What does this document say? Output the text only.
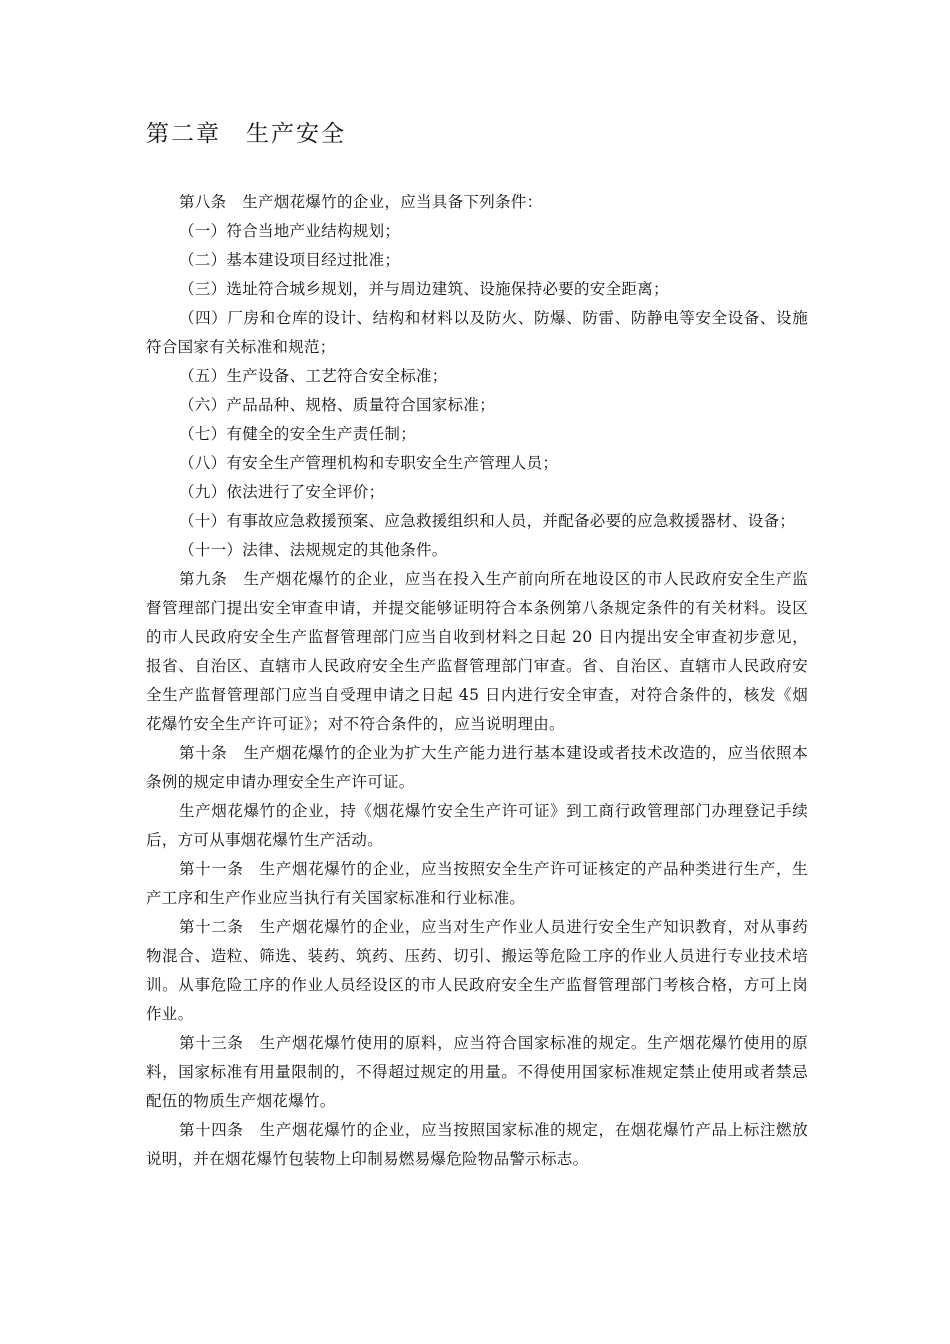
第二章　生产安全

第八条　生产烟花爆竹的企业，应当具备下列条件：

（一）符合当地产业结构规划；

（二）基本建设项目经过批准；

（三）选址符合城乡规划，并与周边建筑、设施保持必要的安全距离；

（四）厂房和仓库的设计、结构和材料以及防火、防爆、防雷、防静电等安全设备、设施符合国家有关标准和规范；

（五）生产设备、工艺符合安全标准；

（六）产品品种、规格、质量符合国家标准；

（七）有健全的安全生产责任制；

（八）有安全生产管理机构和专职安全生产管理人员；

（九）依法进行了安全评价；

（十）有事故应急救援预案、应急救援组织和人员，并配备必要的应急救援器材、设备；

（十一）法律、法规规定的其他条件。

第九条　生产烟花爆竹的企业，应当在投入生产前向所在地设区的市人民政府安全生产监督管理部门提出安全审查申请，并提交能够证明符合本条例第八条规定条件的有关材料。设区的市人民政府安全生产监督管理部门应当自收到材料之日起 20 日内提出安全审查初步意见，报省、自治区、直辖市人民政府安全生产监督管理部门审查。省、自治区、直辖市人民政府安全生产监督管理部门应当自受理申请之日起 45 日内进行安全审查，对符合条件的，核发《烟花爆竹安全生产许可证》；对不符合条件的，应当说明理由。

第十条　生产烟花爆竹的企业为扩大生产能力进行基本建设或者技术改造的，应当依照本条例的规定申请办理安全生产许可证。

生产烟花爆竹的企业，持《烟花爆竹安全生产许可证》到工商行政管理部门办理登记手续后，方可从事烟花爆竹生产活动。

第十一条　生产烟花爆竹的企业，应当按照安全生产许可证核定的产品种类进行生产，生产工序和生产作业应当执行有关国家标准和行业标准。

第十二条　生产烟花爆竹的企业，应当对生产作业人员进行安全生产知识教育，对从事药物混合、造粒、筛选、装药、筑药、压药、切引、搬运等危险工序的作业人员进行专业技术培训。从事危险工序的作业人员经设区的市人民政府安全生产监督管理部门考核合格，方可上岗作业。

第十三条　生产烟花爆竹使用的原料，应当符合国家标准的规定。生产烟花爆竹使用的原料，国家标准有用量限制的，不得超过规定的用量。不得使用国家标准规定禁止使用或者禁忌配伍的物质生产烟花爆竹。

第十四条　生产烟花爆竹的企业，应当按照国家标准的规定，在烟花爆竹产品上标注燃放说明，并在烟花爆竹包装物上印制易燃易爆危险物品警示标志。
